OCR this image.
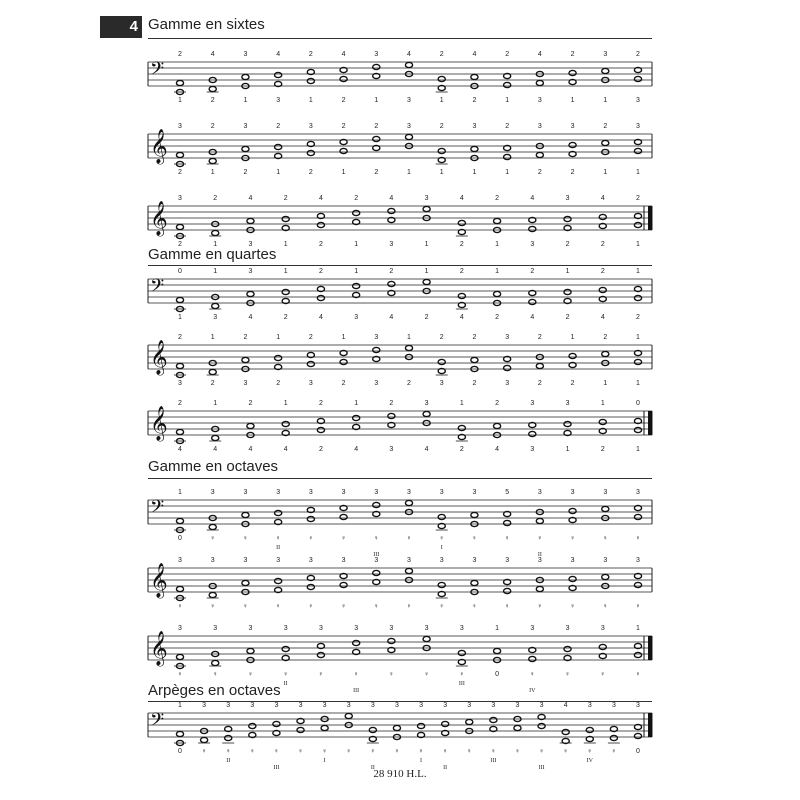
4 Gamme en sixtes
𝄢
2
1
4
2
3
1
4
3
2
1
4
2
3
1
4
3
2
1
4
2
2
1
4
3
2
1
3
1
2
3
𝄞
3
2
2
1
3
2
2
1
3
2
2
1
2
2
3
1
2
1
3
1
2
1
3
2
3
2
2
1
3
1
𝄞
3
2
2
1
4
3
2
1
4
2
2
1
4
3
3
1
4
2
2
1
4
3
3
2
4
2
2
1
Gamme en quartes
𝄢
0
1
1
3
3
4
1
2
2
4
1
3
2
4
1
2
2
4
1
2
2
4
1
2
2
4
1
2
𝄞
2
3
1
2
2
3
1
2
2
3
1
2
3
3
1
2
2
3
2
2
3
3
2
2
1
2
2
1
1
1
𝄞
2
4
1
4
2
4
1
4
2
2
1
4
2
3
3
4
1
2
2
4
3
3
3
1
1
2
0
1
Gamme en octaves
𝄢
1
0
3
♀
3
♀
3
♀
3
♀
3
♀
3
♀
3
♀
3
♀
3
♀
5
♀
3
♀
3
♀
3
♀
3
♀
II
III
I
II
𝄞
3
♀
3
♀
3
♀
3
♀
3
♀
3
♀
3
♀
3
♀
3
♀
3
♀
3
♀
3
♀
3
♀
3
♀
3
♀
𝄞
3
♀
3
♀
3
♀
3
♀
3
♀
3
♀
3
♀
3
♀
3
♀
1
0
3
♀
3
♀
3
♀
1
♀
II
III
III
IV
Arpèges en octaves
𝄢
1
0
3
♀
3
♀
3
♀
3
♀
3
♀
3
♀
3
♀
3
♀
3
♀
3
♀
3
♀
3
♀
3
♀
3
♀
3
♀
4
♀
3
♀
3
♀
3
0
II
III
I
II
I
II
III
III
IV
28 910 H.L.
